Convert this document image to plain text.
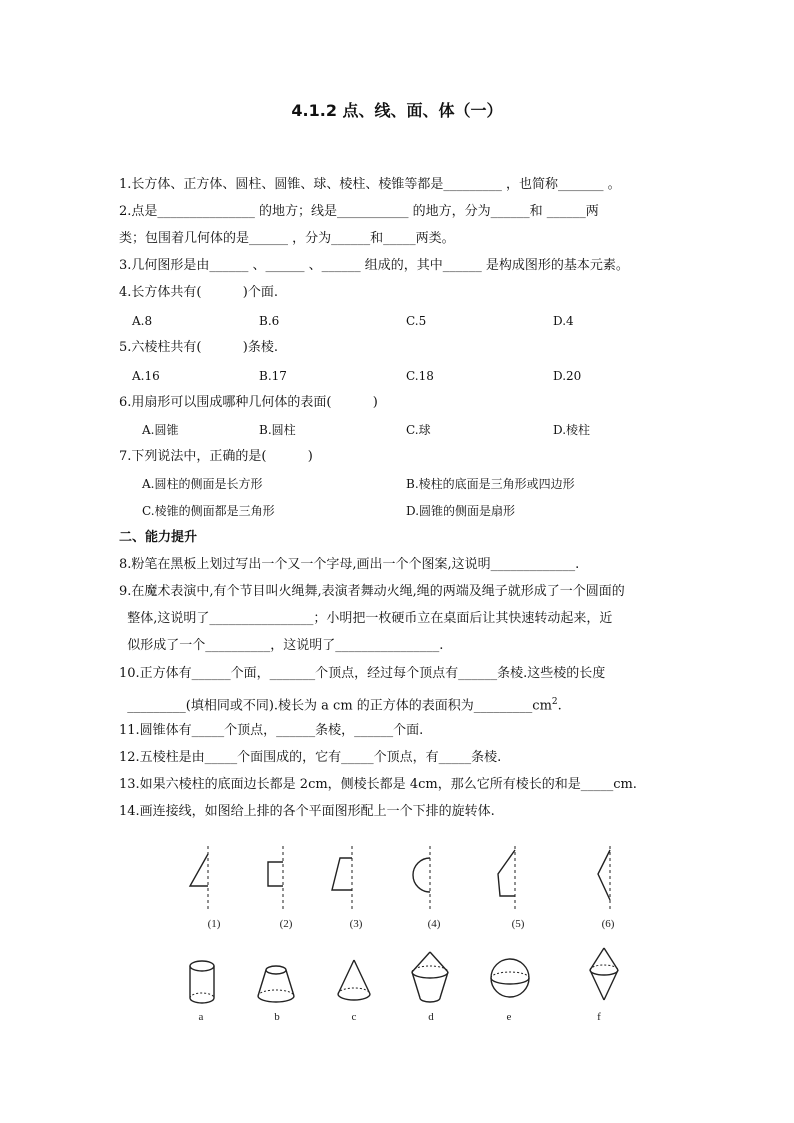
4.1.2 点、线、面、体（一）
1.长方体、正方体、圆柱、圆锥、球、棱柱、棱锥等都是_________ ，也简称_______ 。
2.点是_______________ 的地方；线是___________ 的地方，分为______和 ______两
类；包围着几何体的是______ ，分为______和_____两类。
3.几何图形是由______ 、______ 、______ 组成的，其中______ 是构成图形的基本元素。
4.长方体共有(          )个面.
A.8	B.6	C.5	D.4
5.六棱柱共有(          )条棱.
A.16	B.17	C.18	D.20
6.用扇形可以围成哪种几何体的表面(          )
A.圆锥	B.圆柱	C.球	D.棱柱
7.下列说法中，正确的是(          )
A.圆柱的侧面是长方形	B.棱柱的底面是三角形或四边形
C.棱锥的侧面都是三角形	D.圆锥的侧面是扇形
二、能力提升
8.粉笔在黑板上划过写出一个又一个字母,画出一个个图案,这说明_____________.
9.在魔术表演中,有个节目叫火绳舞,表演者舞动火绳,绳的两端及绳子就形成了一个圆面的
整体,这说明了________________；小明把一枚硬币立在桌面后让其快速转动起来，近
似形成了一个__________，这说明了________________.
10.正方体有______个面，_______个顶点，经过每个顶点有______条棱.这些棱的长度
_________(填相同或不同).棱长为 a cm 的正方体的表面积为$\_\_\_\_\_\_\_\_\_cm^2$.
11.圆锥体有_____个顶点，______条棱，______个面.
12.五棱柱是由_____个面围成的，它有_____个顶点，有_____条棱.
13.如果六棱柱的底面边长都是 2cm，侧棱长都是 4cm，那么它所有棱长的和是_____cm.
14.画连接线，如图给上排的各个平面图形配上一个下排的旋转体.
(1)	(2)	(3)	(4)	(5)	(6)
a	b	c	d	e	f
